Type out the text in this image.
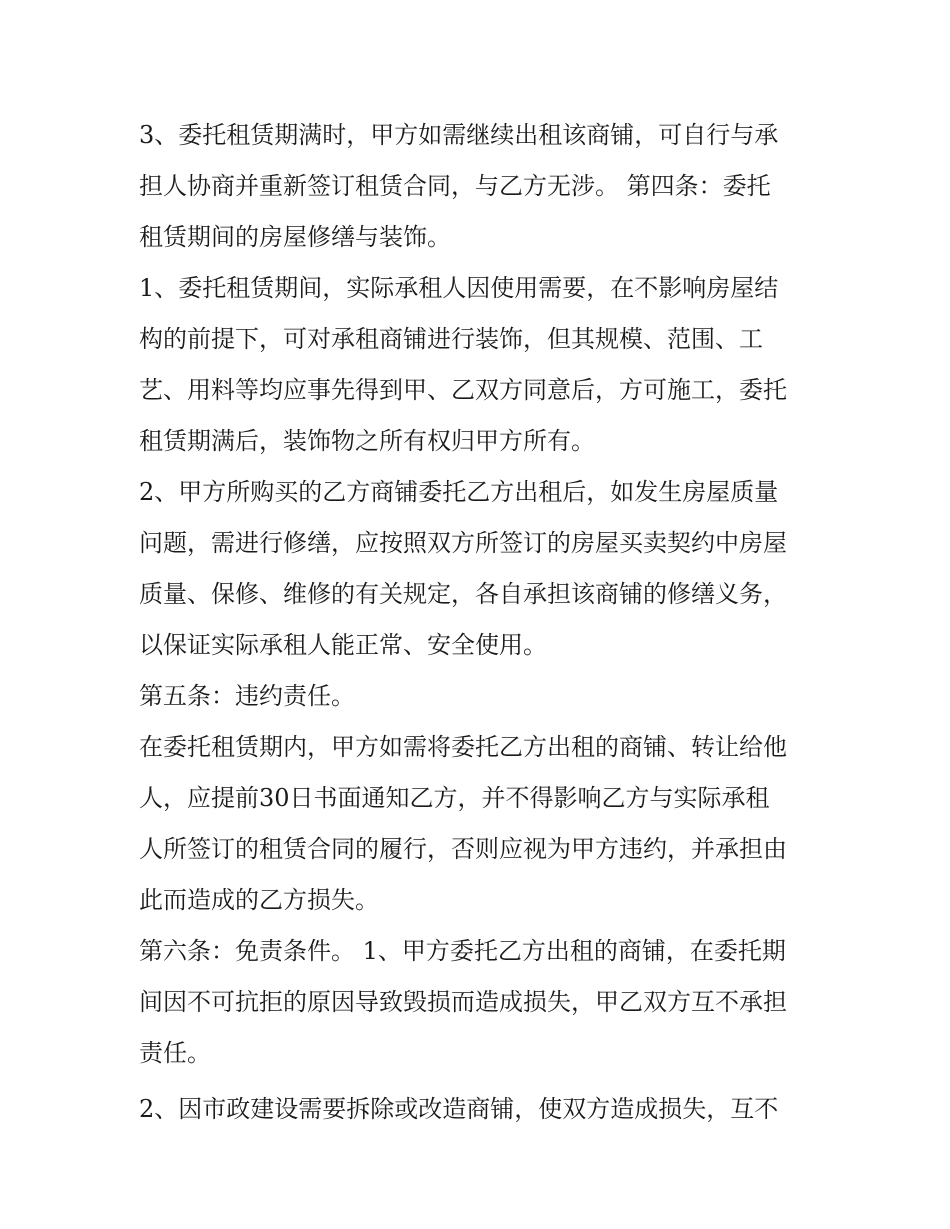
3、委托租赁期满时，甲方如需继续出租该商铺，可自行与承
担人协商并重新签订租赁合同，与乙方无涉。 第四条：委托
租赁期间的房屋修缮与装饰。
1、委托租赁期间，实际承租人因使用需要，在不影响房屋结
构的前提下，可对承租商铺进行装饰，但其规模、范围、工
艺、用料等均应事先得到甲、乙双方同意后，方可施工，委托
租赁期满后，装饰物之所有权归甲方所有。
2、甲方所购买的乙方商铺委托乙方出租后，如发生房屋质量
问题，需进行修缮，应按照双方所签订的房屋买卖契约中房屋
质量、保修、维修的有关规定，各自承担该商铺的修缮义务，
以保证实际承租人能正常、安全使用。
第五条：违约责任。
在委托租赁期内，甲方如需将委托乙方出租的商铺、转让给他
人，应提前30日书面通知乙方，并不得影响乙方与实际承租
人所签订的租赁合同的履行，否则应视为甲方违约，并承担由
此而造成的乙方损失。
第六条：免责条件。 1、甲方委托乙方出租的商铺，在委托期
间因不可抗拒的原因导致毁损而造成损失，甲乙双方互不承担
责任。
2、因市政建设需要拆除或改造商铺，使双方造成损失，互不
